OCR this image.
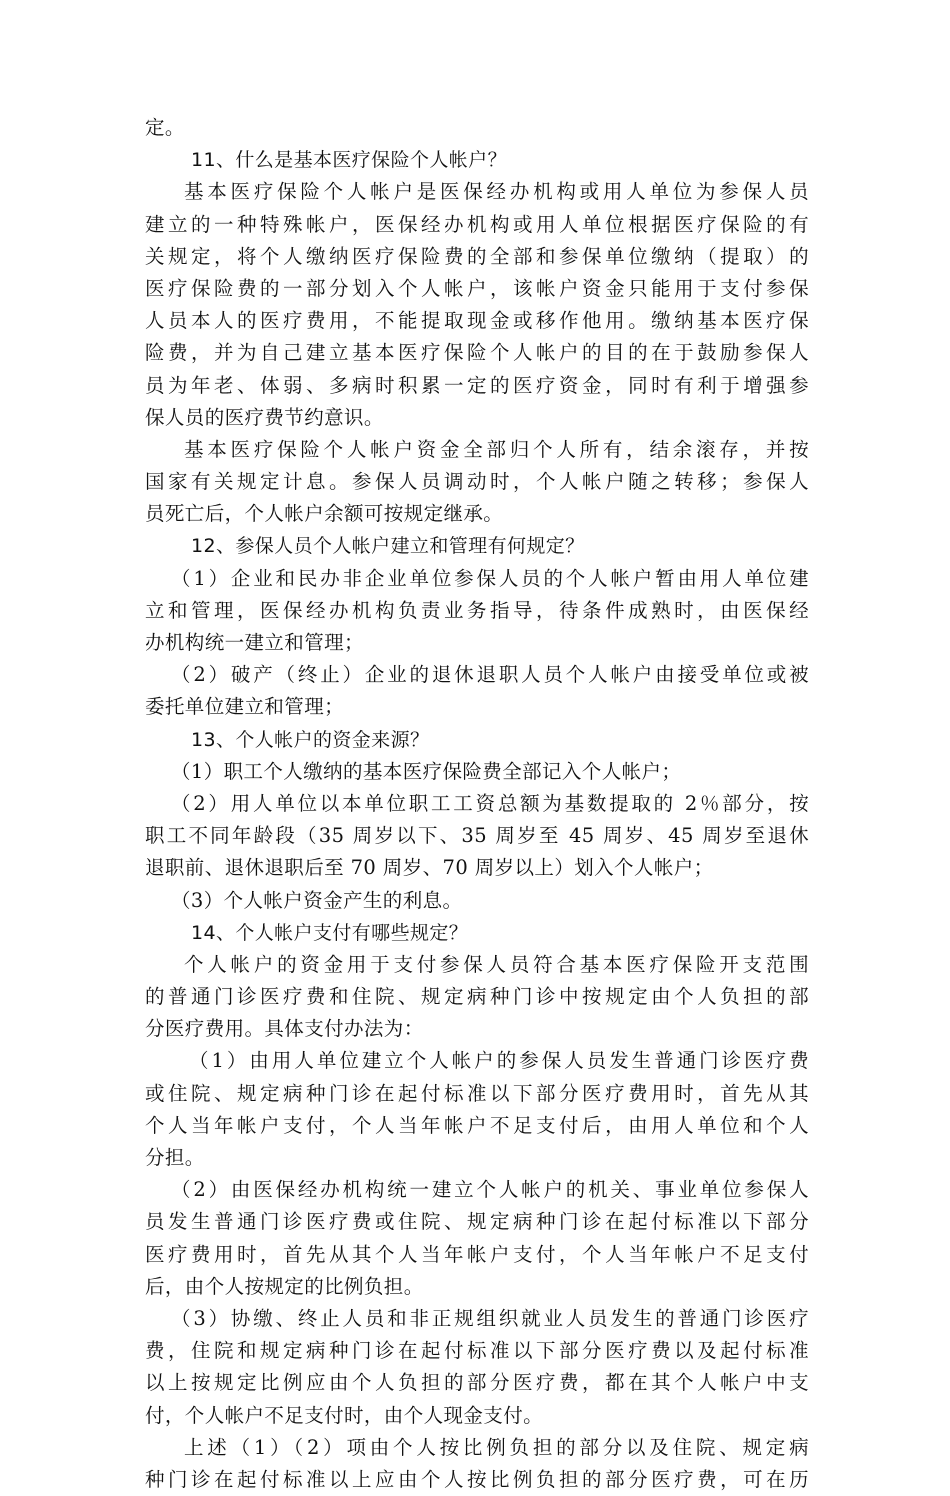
定。
11、什么是基本医疗保险个人帐户？
基本医疗保险个人帐户是医保经办机构或用人单位为参保人员
建立的一种特殊帐户，医保经办机构或用人单位根据医疗保险的有
关规定，将个人缴纳医疗保险费的全部和参保单位缴纳（提取）的
医疗保险费的一部分划入个人帐户，该帐户资金只能用于支付参保
人员本人的医疗费用，不能提取现金或移作他用。缴纳基本医疗保
险费，并为自己建立基本医疗保险个人帐户的目的在于鼓励参保人
员为年老、体弱、多病时积累一定的医疗资金，同时有利于增强参
保人员的医疗费节约意识。
基本医疗保险个人帐户资金全部归个人所有，结余滚存，并按
国家有关规定计息。参保人员调动时，个人帐户随之转移；参保人
员死亡后，个人帐户余额可按规定继承。
12、参保人员个人帐户建立和管理有何规定？
（1）企业和民办非企业单位参保人员的个人帐户暂由用人单位建
立和管理，医保经办机构负责业务指导，待条件成熟时，由医保经
办机构统一建立和管理；
（2）破产（终止）企业的退休退职人员个人帐户由接受单位或被
委托单位建立和管理；
13、个人帐户的资金来源？
（1）职工个人缴纳的基本医疗保险费全部记入个人帐户；
（2）用人单位以本单位职工工资总额为基数提取的 2％部分，按
职工不同年龄段（35 周岁以下、35 周岁至 45 周岁、45 周岁至退休
退职前、退休退职后至 70 周岁、70 周岁以上）划入个人帐户；
（3）个人帐户资金产生的利息。
14、个人帐户支付有哪些规定？
个人帐户的资金用于支付参保人员符合基本医疗保险开支范围
的普通门诊医疗费和住院、规定病种门诊中按规定由个人负担的部
分医疗费用。具体支付办法为：
（1）由用人单位建立个人帐户的参保人员发生普通门诊医疗费
或住院、规定病种门诊在起付标准以下部分医疗费用时，首先从其
个人当年帐户支付，个人当年帐户不足支付后，由用人单位和个人
分担。
（2）由医保经办机构统一建立个人帐户的机关、事业单位参保人
员发生普通门诊医疗费或住院、规定病种门诊在起付标准以下部分
医疗费用时，首先从其个人当年帐户支付，个人当年帐户不足支付
后，由个人按规定的比例负担。
（3）协缴、终止人员和非正规组织就业人员发生的普通门诊医疗
费，住院和规定病种门诊在起付标准以下部分医疗费以及起付标准
以上按规定比例应由个人负担的部分医疗费，都在其个人帐户中支
付，个人帐户不足支付时，由个人现金支付。
上述（1）（2）项由个人按比例负担的部分以及住院、规定病
种门诊在起付标准以上应由个人按比例负担的部分医疗费，可在历
